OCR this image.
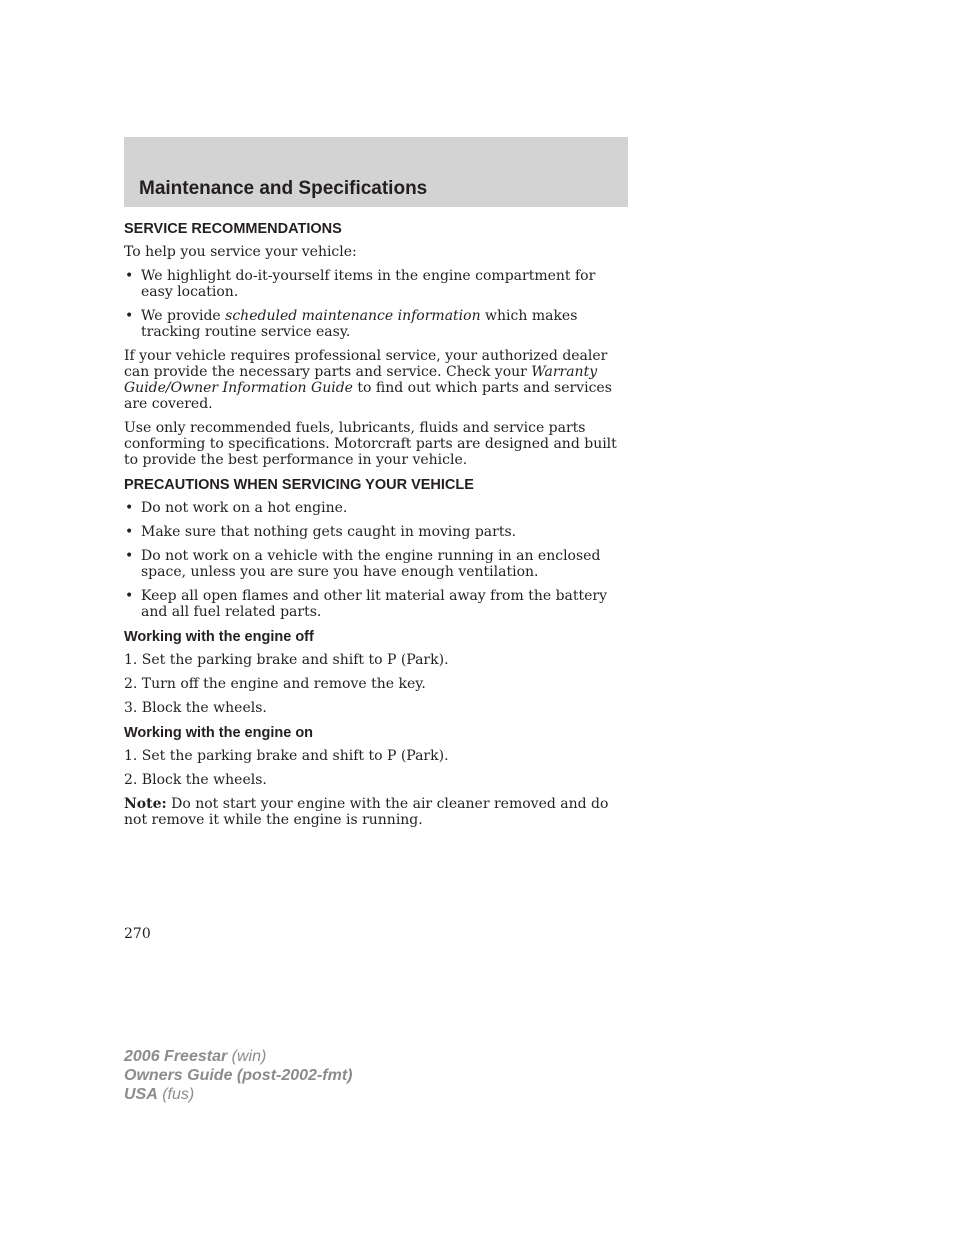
Maintenance and Specifications
SERVICE RECOMMENDATIONS

To help you service your vehicle:

• We highlight do-it-yourself items in the engine compartment for easy location.
• We provide scheduled maintenance information which makes tracking routine service easy.

If your vehicle requires professional service, your authorized dealer can provide the necessary parts and service. Check your Warranty Guide/Owner Information Guide to find out which parts and services are covered.

Use only recommended fuels, lubricants, fluids and service parts conforming to specifications. Motorcraft parts are designed and built to provide the best performance in your vehicle.

PRECAUTIONS WHEN SERVICING YOUR VEHICLE
• Do not work on a hot engine.
• Make sure that nothing gets caught in moving parts.
• Do not work on a vehicle with the engine running in an enclosed space, unless you are sure you have enough ventilation.
• Keep all open flames and other lit material away from the battery and all fuel related parts.
Working with the engine off
1. Set the parking brake and shift to P (Park).
2. Turn off the engine and remove the key.
3. Block the wheels.
Working with the engine on
1. Set the parking brake and shift to P (Park).
2. Block the wheels.

Note: Do not start your engine with the air cleaner removed and do not remove it while the engine is running.

270
2006 Freestar (win)
Owners Guide (post-2002-fmt)
USA (fus)
